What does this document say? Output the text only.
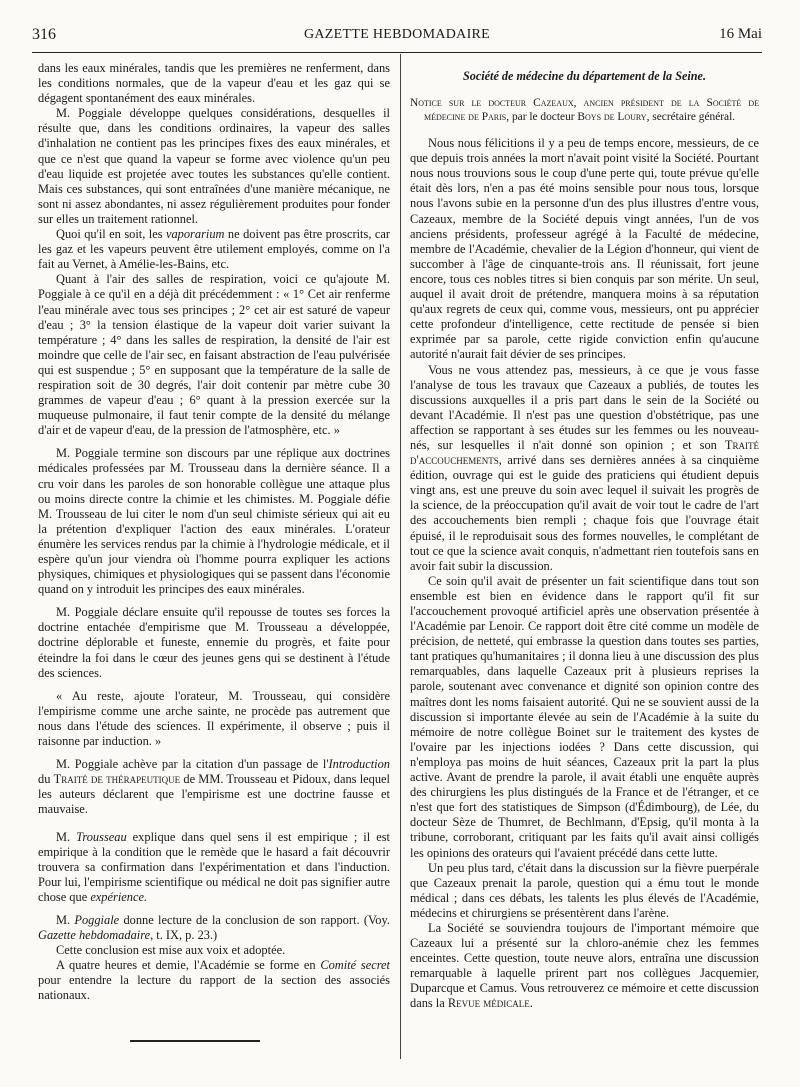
316	GAZETTE HEBDOMADAIRE	16 Mai

dans les eaux minérales, tandis que les premières ne renferment, dans les conditions normales, que de la vapeur d'eau et les gaz qui se dégagent spontanément des eaux minérales.

M. Poggiale développe quelques considérations, desquelles il résulte que, dans les conditions ordinaires, la vapeur des salles d'inhalation ne contient pas les principes fixes des eaux minérales, et que ce n'est que quand la vapeur se forme avec violence qu'un peu d'eau liquide est projetée avec toutes les substances qu'elle contient. Mais ces substances, qui sont entraînées d'une manière mécanique, ne sont ni assez abondantes, ni assez régulièrement produites pour fonder sur elles un traitement rationnel.

Quoi qu'il en soit, les vaporarium ne doivent pas être proscrits, car les gaz et les vapeurs peuvent être utilement employés, comme on l'a fait au Vernet, à Amélie-les-Bains, etc.

Quant à l'air des salles de respiration, voici ce qu'ajoute M. Poggiale à ce qu'il en a déjà dit précédemment : « 1° Cet air renferme l'eau minérale avec tous ses principes ; 2° cet air est saturé de vapeur d'eau ; 3° la tension élastique de la vapeur doit varier suivant la température ; 4° dans les salles de respiration, la densité de l'air est moindre que celle de l'air sec, en faisant abstraction de l'eau pulvérisée qui est suspendue ; 5° en supposant que la température de la salle de respiration soit de 30 degrés, l'air doit contenir par mètre cube 30 grammes de vapeur d'eau ; 6° quant à la pression exercée sur la muqueuse pulmonaire, il faut tenir compte de la densité du mélange d'air et de vapeur d'eau, de la pression de l'atmosphère, etc. »

M. Poggiale termine son discours par une réplique aux doctrines médicales professées par M. Trousseau dans la dernière séance. Il a cru voir dans les paroles de son honorable collègue une attaque plus ou moins directe contre la chimie et les chimistes. M. Poggiale défie M. Trousseau de lui citer le nom d'un seul chimiste sérieux qui ait eu la prétention d'expliquer l'action des eaux minérales. L'orateur énumère les services rendus par la chimie à l'hydrologie médicale, et il espère qu'un jour viendra où l'homme pourra expliquer les actions physiques, chimiques et physiologiques qui se passent dans l'économie quand on y introduit les principes des eaux minérales.

M. Poggiale déclare ensuite qu'il repousse de toutes ses forces la doctrine entachée d'empirisme que M. Trousseau a développée, doctrine déplorable et funeste, ennemie du progrès, et faite pour éteindre la foi dans le cœur des jeunes gens qui se destinent à l'étude des sciences.

« Au reste, ajoute l'orateur, M. Trousseau, qui considère l'empirisme comme une arche sainte, ne procède pas autrement que nous dans l'étude des sciences. Il expérimente, il observe ; puis il raisonne par induction. »

M. Poggiale achève par la citation d'un passage de l'Introduction du Traité de thérapeutique de MM. Trousseau et Pidoux, dans lequel les auteurs déclarent que l'empirisme est une doctrine fausse et mauvaise.

M. Trousseau explique dans quel sens il est empirique ; il est empirique à la condition que le remède que le hasard a fait découvrir trouvera sa confirmation dans l'expérimentation et dans l'induction. Pour lui, l'empirisme scientifique ou médical ne doit pas signifier autre chose que expérience.

M. Poggiale donne lecture de la conclusion de son rapport. (Voy. Gazette hebdomadaire, t. IX, p. 23.)

Cette conclusion est mise aux voix et adoptée.

A quatre heures et demie, l'Académie se forme en Comité secret pour entendre la lecture du rapport de la section des associés nationaux.

Société de médecine du département de la Seine.

Notice sur le docteur Cazeaux, ancien président de la Société de médecine de Paris, par le docteur Boys de Loury, secrétaire général.

Nous nous félicitions il y a peu de temps encore, messieurs, de ce que depuis trois années la mort n'avait point visité la Société. Pourtant nous nous trouvions sous le coup d'une perte qui, toute prévue qu'elle était dès lors, n'en a pas été moins sensible pour nous tous, lorsque nous l'avons subie en la personne d'un des plus illustres d'entre vous, Cazeaux, membre de la Société depuis vingt années, l'un de vos anciens présidents, professeur agrégé à la Faculté de médecine, membre de l'Académie, chevalier de la Légion d'honneur, qui vient de succomber à l'âge de cinquante-trois ans. Il réunissait, fort jeune encore, tous ces nobles titres si bien conquis par son mérite. Un seul, auquel il avait droit de prétendre, manquera moins à sa réputation qu'aux regrets de ceux qui, comme vous, messieurs, ont pu apprécier cette profondeur d'intelligence, cette rectitude de pensée si bien exprimée par sa parole, cette rigide conviction enfin qu'aucune autorité n'aurait fait dévier de ses principes.

Vous ne vous attendez pas, messieurs, à ce que je vous fasse l'analyse de tous les travaux que Cazeaux a publiés, de toutes les discussions auxquelles il a pris part dans le sein de la Société ou devant l'Académie. Il n'est pas une question d'obstétrique, pas une affection se rapportant à ses études sur les femmes ou les nouveau-nés, sur lesquelles il n'ait donné son opinion ; et son Traité d'accouchements, arrivé dans ses dernières années à sa cinquième édition, ouvrage qui est le guide des praticiens qui étudient depuis vingt ans, est une preuve du soin avec lequel il suivait les progrès de la science, de la préoccupation qu'il avait de voir tout le cadre de l'art des accouchements bien rempli ; chaque fois que l'ouvrage était épuisé, il le reproduisait sous des formes nouvelles, le complétant de tout ce que la science avait conquis, n'admettant rien toutefois sans en avoir fait subir la discussion.

Ce soin qu'il avait de présenter un fait scientifique dans tout son ensemble est bien en évidence dans le rapport qu'il fit sur l'accouchement provoqué artificiel après une observation présentée à l'Académie par Lenoir. Ce rapport doit être cité comme un modèle de précision, de netteté, qui embrasse la question dans toutes ses parties, tant pratiques qu'humanitaires ; il donna lieu à une discussion des plus remarquables, dans laquelle Cazeaux prit à plusieurs reprises la parole, soutenant avec convenance et dignité son opinion contre des maîtres dont les noms faisaient autorité. Qui ne se souvient aussi de la discussion si importante élevée au sein de l'Académie à la suite du mémoire de notre collègue Boinet sur le traitement des kystes de l'ovaire par les injections iodées ? Dans cette discussion, qui n'employa pas moins de huit séances, Cazeaux prit la part la plus active. Avant de prendre la parole, il avait établi une enquête auprès des chirurgiens les plus distingués de la France et de l'étranger, et ce n'est que fort des statistiques de Simpson (d'Édimbourg), de Lée, du docteur Sèze de Thumret, de Bechlmann, d'Epsig, qu'il monta à la tribune, corroborant, critiquant par les faits qu'il avait ainsi colligés les opinions des orateurs qui l'avaient précédé dans cette lutte.

Un peu plus tard, c'était dans la discussion sur la fièvre puerpérale que Cazeaux prenait la parole, question qui a ému tout le monde médical ; dans ces débats, les talents les plus élevés de l'Académie, médecins et chirurgiens se présentèrent dans l'arène.

La Société se souviendra toujours de l'important mémoire que Cazeaux lui a présenté sur la chloro-anémie chez les femmes enceintes. Cette question, toute neuve alors, entraîna une discussion remarquable à laquelle prirent part nos collègues Jacquemier, Duparcque et Camus. Vous retrouverez ce mémoire et cette discussion dans la Revue médicale.
